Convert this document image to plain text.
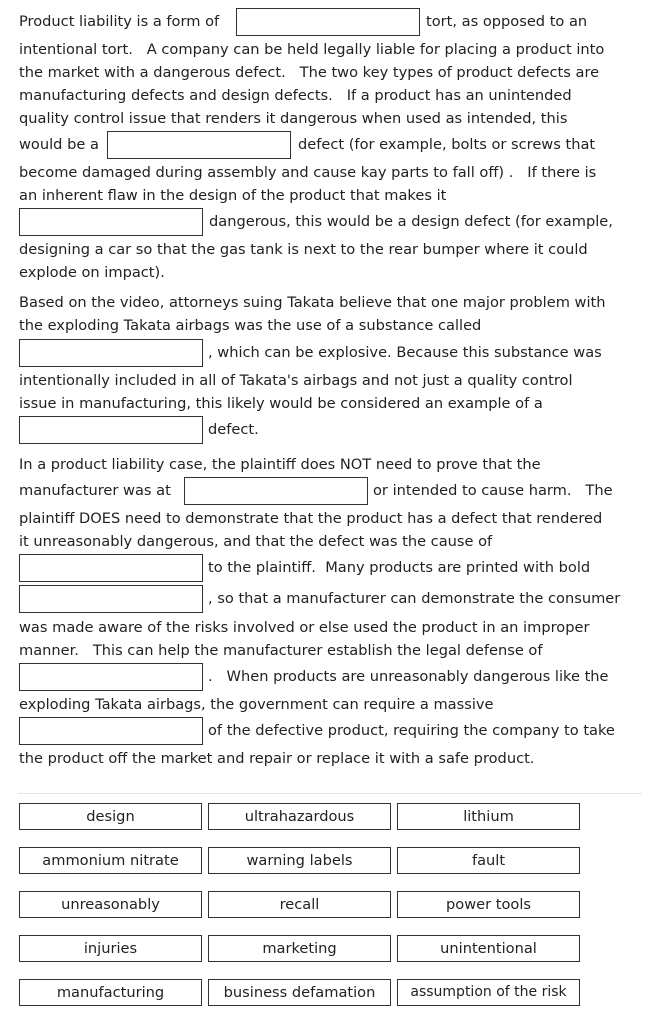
Product liability is a form of	tort, as opposed to an
intentional tort.   A company can be held legally liable for placing a product into
the market with a dangerous defect.   The two key types of product defects are
manufacturing defects and design defects.   If a product has an unintended
quality control issue that renders it dangerous when used as intended, this
would be a	defect (for example, bolts or screws that
become damaged during assembly and cause kay parts to fall off) .   If there is
an inherent flaw in the design of the product that makes it
dangerous, this would be a design defect (for example,
designing a car so that the gas tank is next to the rear bumper where it could
explode on impact).
Based on the video, attorneys suing Takata believe that one major problem with
the exploding Takata airbags was the use of a substance called
, which can be explosive. Because this substance was
intentionally included in all of Takata's airbags and not just a quality control
issue in manufacturing, this likely would be considered an example of a
defect.
In a product liability case, the plaintiff does NOT need to prove that the
manufacturer was at	or intended to cause harm.   The
plaintiff DOES need to demonstrate that the product has a defect that rendered
it unreasonably dangerous, and that the defect was the cause of
to the plaintiff.  Many products are printed with bold
, so that a manufacturer can demonstrate the consumer
was made aware of the risks involved or else used the product in an improper
manner.   This can help the manufacturer establish the legal defense of
.   When products are unreasonably dangerous like the
exploding Takata airbags, the government can require a massive
of the defective product, requiring the company to take
the product off the market and repair or replace it with a safe product.
design	ultrahazardous	lithium
ammonium nitrate	warning labels	fault
unreasonably	recall	power tools
injuries	marketing	unintentional
manufacturing	business defamation	assumption of the risk
